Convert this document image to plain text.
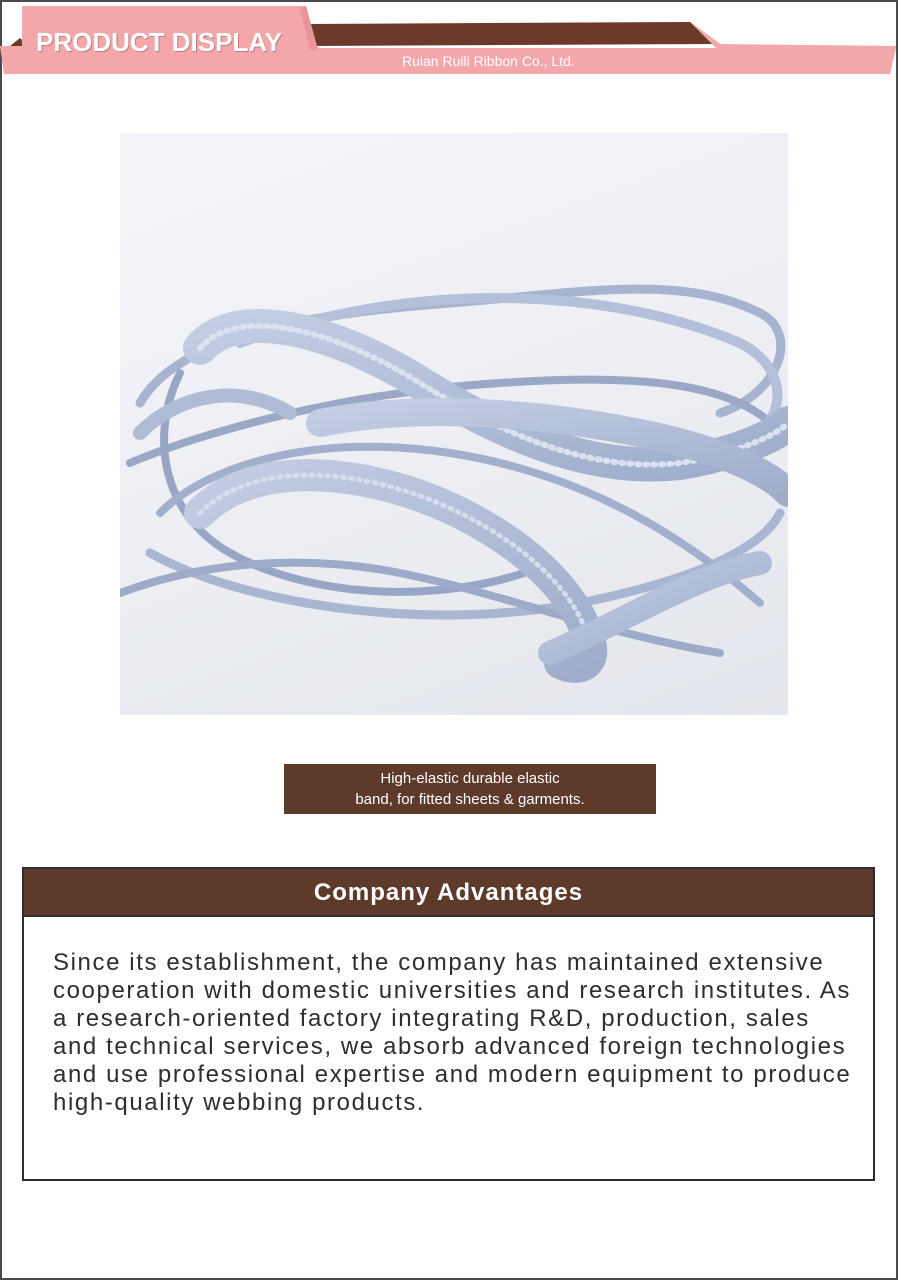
PRODUCT DISPLAY
Ruian Ruili Ribbon Co., Ltd.
High-elastic durable elastic
band, for fitted sheets & garments.
Company Advantages
Since its establishment, the company has maintained extensive cooperation with domestic universities and research institutes. As a research-oriented factory integrating R&D, production, sales and technical services, we absorb advanced foreign technologies and use professional expertise and modern equipment to produce high-quality webbing products.
